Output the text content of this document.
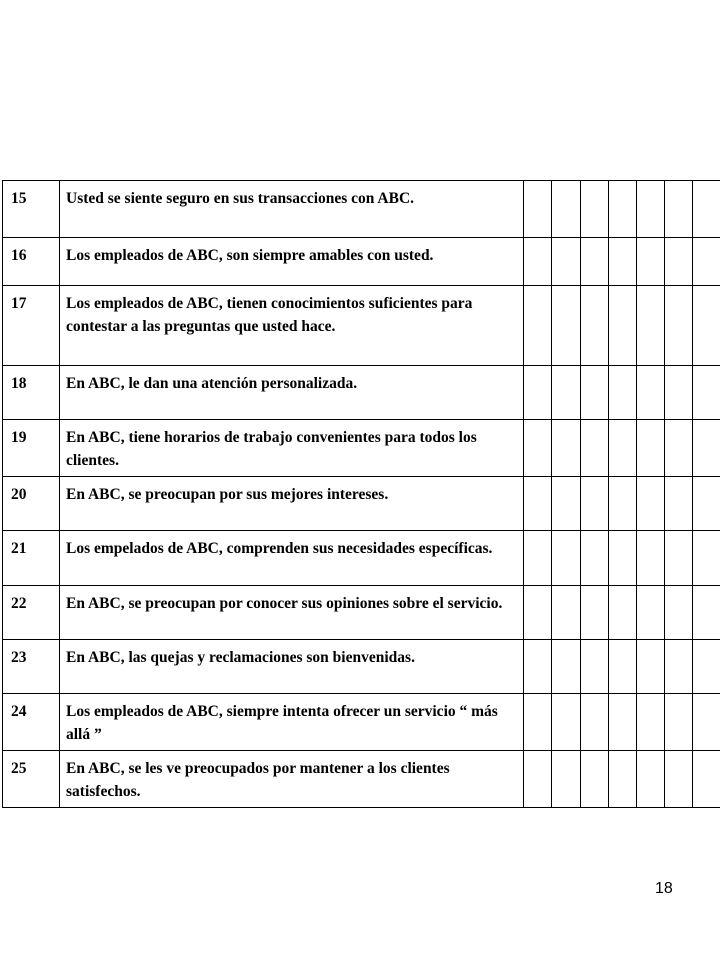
15	Usted se siente seguro en sus transacciones con ABC.							
16	Los empleados de ABC, son siempre amables con usted.							
17	Los empleados de ABC, tienen conocimientos suficientes para contestar a las preguntas que usted hace.							
18	En ABC, le dan una atención personalizada.							
19	En ABC, tiene horarios de trabajo convenientes para todos los clientes.							
20	En ABC, se preocupan por sus mejores intereses.							
21	Los empelados de ABC, comprenden sus necesidades específicas.							
22	En ABC, se preocupan por conocer sus opiniones sobre el servicio.							
23	En ABC, las quejas y reclamaciones son bienvenidas.							
24	Los empleados de ABC, siempre intenta ofrecer un servicio “ más allá ”							
25	En ABC, se les ve preocupados por mantener a los clientes satisfechos.							
18
